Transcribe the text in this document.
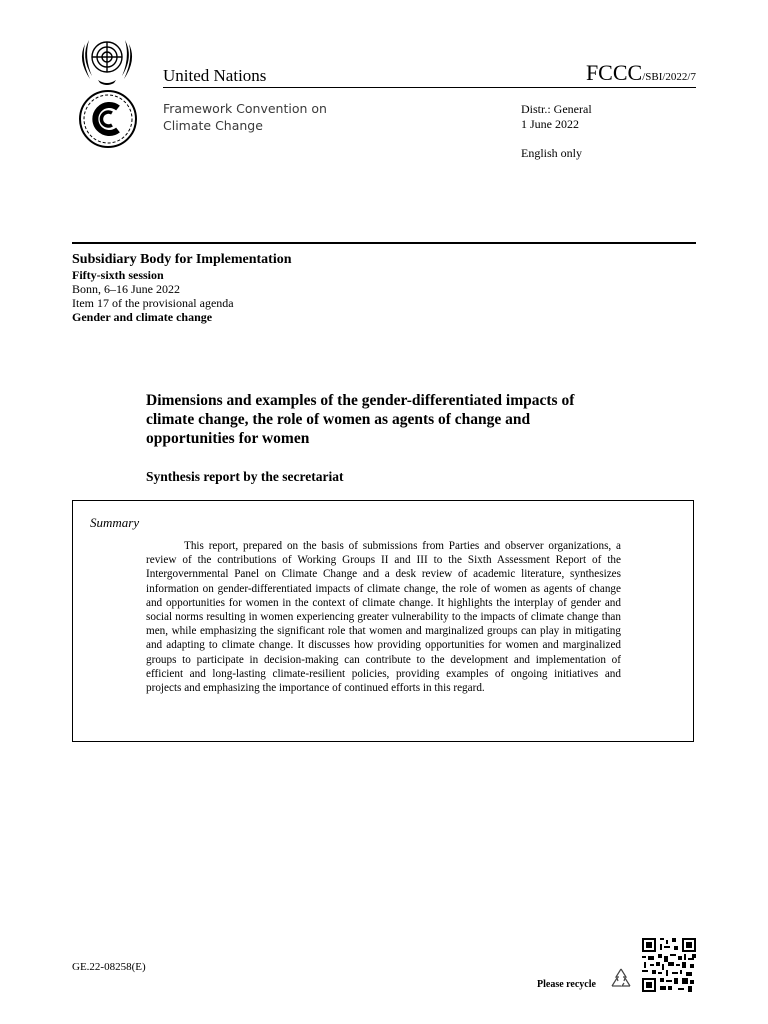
United Nations	FCCC/SBI/2022/7
Framework Convention on
Climate Change
Distr.: General
1 June 2022
English only
Subsidiary Body for Implementation
Fifty-sixth session
Bonn, 6–16 June 2022
Item 17 of the provisional agenda
Gender and climate change
Dimensions and examples of the gender-differentiated impacts of climate change, the role of women as agents of change and opportunities for women
Synthesis report by the secretariat
Summary

This report, prepared on the basis of submissions from Parties and observer organizations, a review of the contributions of Working Groups II and III to the Sixth Assessment Report of the Intergovernmental Panel on Climate Change and a desk review of academic literature, synthesizes information on gender-differentiated impacts of climate change, the role of women as agents of change and opportunities for women in the context of climate change. It highlights the interplay of gender and social norms resulting in women experiencing greater vulnerability to the impacts of climate change than men, while emphasizing the significant role that women and marginalized groups can play in mitigating and adapting to climate change. It discusses how providing opportunities for women and marginalized groups to participate in decision-making can contribute to the development and implementation of efficient and long-lasting climate-resilient policies, providing examples of ongoing initiatives and projects and emphasizing the importance of continued efforts in this regard.

GE.22-08258(E)
Please recycle
